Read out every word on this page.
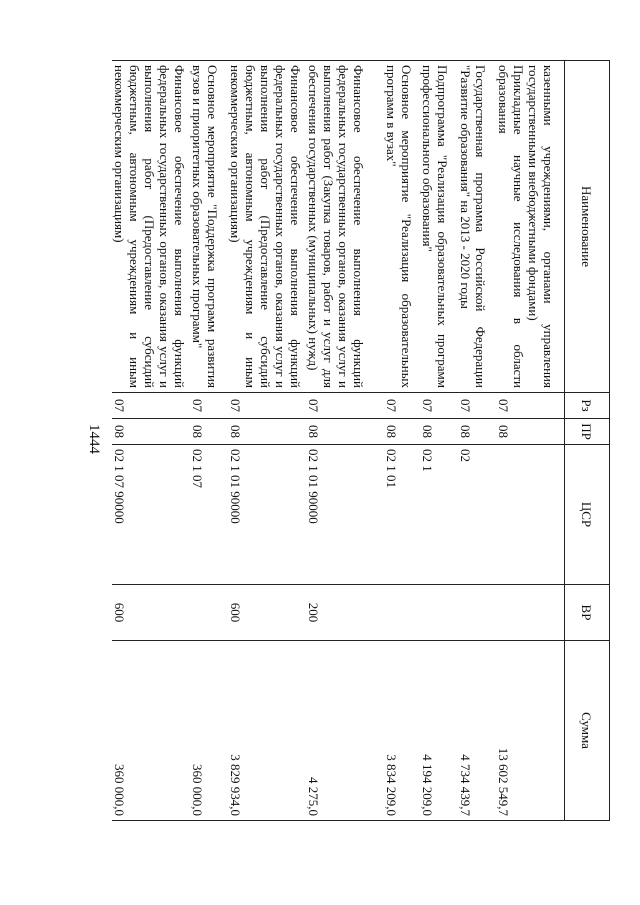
1444
Наименование	Рз	ПР	ЦСР	ВР	Сумма
казенными учреждениями, органами управления государственными внебюджетными фондами)					
Прикладные научные исследования в области образования	07	08			13 602 549,7
Государственная программа Российской Федерации "Развитие образования" на 2013 - 2020 годы	07	08	02		4 734 439,7
Подпрограмма "Реализация образовательных программ профессионального образования"	07	08	02 1		4 194 209,0
Основное мероприятие "Реализация образовательных программ в вузах"	07	08	02 1 01		3 834 209,0
Финансовое обеспечение выполнения функций федеральных государственных органов, оказания услуг и выполнения работ (Закупка товаров, работ и услуг для обеспечения государственных (муниципальных) нужд)	07	08	02 1 01 90000	200	4 275,0
Финансовое обеспечение выполнения функций федеральных государственных органов, оказания услуг и выполнения работ (Предоставление субсидий бюджетным, автономным учреждениям и иным некоммерческим организациям)	07	08	02 1 01 90000	600	3 829 934,0
Основное мероприятие "Поддержка программ развития вузов и приоритетных образовательных программ"	07	08	02 1 07		360 000,0
Финансовое обеспечение выполнения функций федеральных государственных органов, оказания услуг и выполнения работ (Предоставление субсидий бюджетным, автономным учреждениям и иным некоммерческим организациям)	07	08	02 1 07 90000	600	360 000,0
